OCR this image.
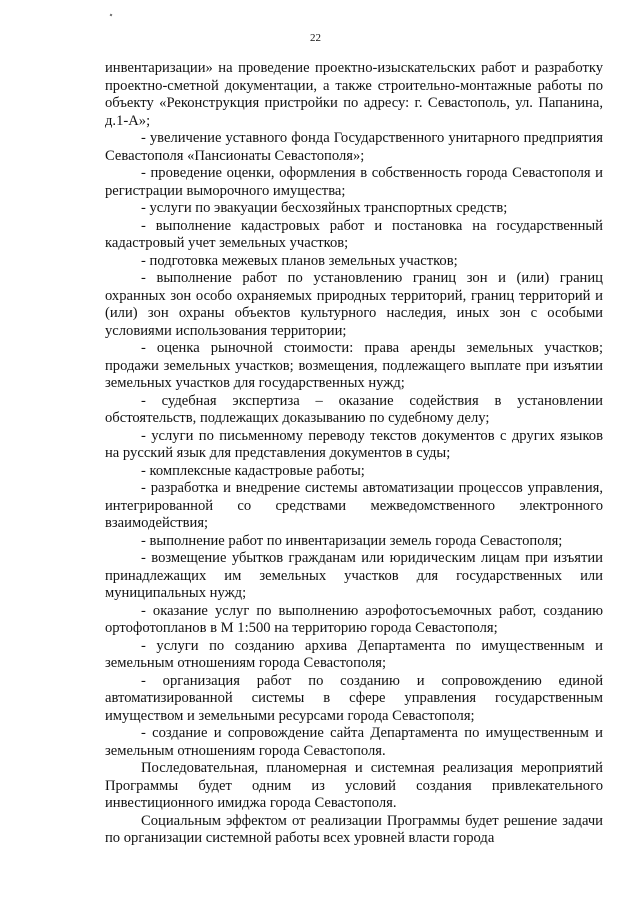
22

инвентаризации» на проведение проектно-изыскательских работ и разработку проектно-сметной документации, а также строительно-монтажные работы по объекту «Реконструкция пристройки по адресу: г. Севастополь, ул. Папанина, д.1-А»;

- увеличение уставного фонда Государственного унитарного предприятия Севастополя «Пансионаты Севастополя»;

- проведение оценки, оформления в собственность города Севастополя и регистрации выморочного имущества;

- услуги по эвакуации бесхозяйных транспортных средств;

- выполнение кадастровых работ и постановка на государственный кадастровый учет земельных участков;

- подготовка межевых планов земельных участков;

- выполнение работ по установлению границ зон и (или) границ охранных зон особо охраняемых природных территорий, границ территорий и (или) зон охраны объектов культурного наследия, иных зон с особыми условиями использования территории;

- оценка рыночной стоимости: права аренды земельных участков; продажи земельных участков; возмещения, подлежащего выплате при изъятии земельных участков для государственных нужд;

- судебная экспертиза – оказание содействия в установлении обстоятельств, подлежащих доказыванию по судебному делу;

- услуги по письменному переводу текстов документов с других языков на русский язык для представления документов в суды;

- комплексные кадастровые работы;

- разработка и внедрение системы автоматизации процессов управления, интегрированной со средствами межведомственного электронного взаимодействия;

- выполнение работ по инвентаризации земель города Севастополя;

- возмещение убытков гражданам или юридическим лицам при изъятии принадлежащих им земельных участков для государственных или муниципальных нужд;

- оказание услуг по выполнению аэрофотосъемочных работ, созданию ортофотопланов в М 1:500 на территорию города Севастополя;

- услуги по созданию архива Департамента по имущественным и земельным отношениям города Севастополя;

- организация работ по созданию и сопровождению единой автоматизированной системы в сфере управления государственным имуществом и земельными ресурсами города Севастополя;

- создание и сопровождение сайта Департамента по имущественным и земельным отношениям города Севастополя.

Последовательная, планомерная и системная реализация мероприятий Программы будет одним из условий создания привлекательного инвестиционного имиджа города Севастополя.

Социальным эффектом от реализации Программы будет решение задачи по организации системной работы всех уровней власти города
